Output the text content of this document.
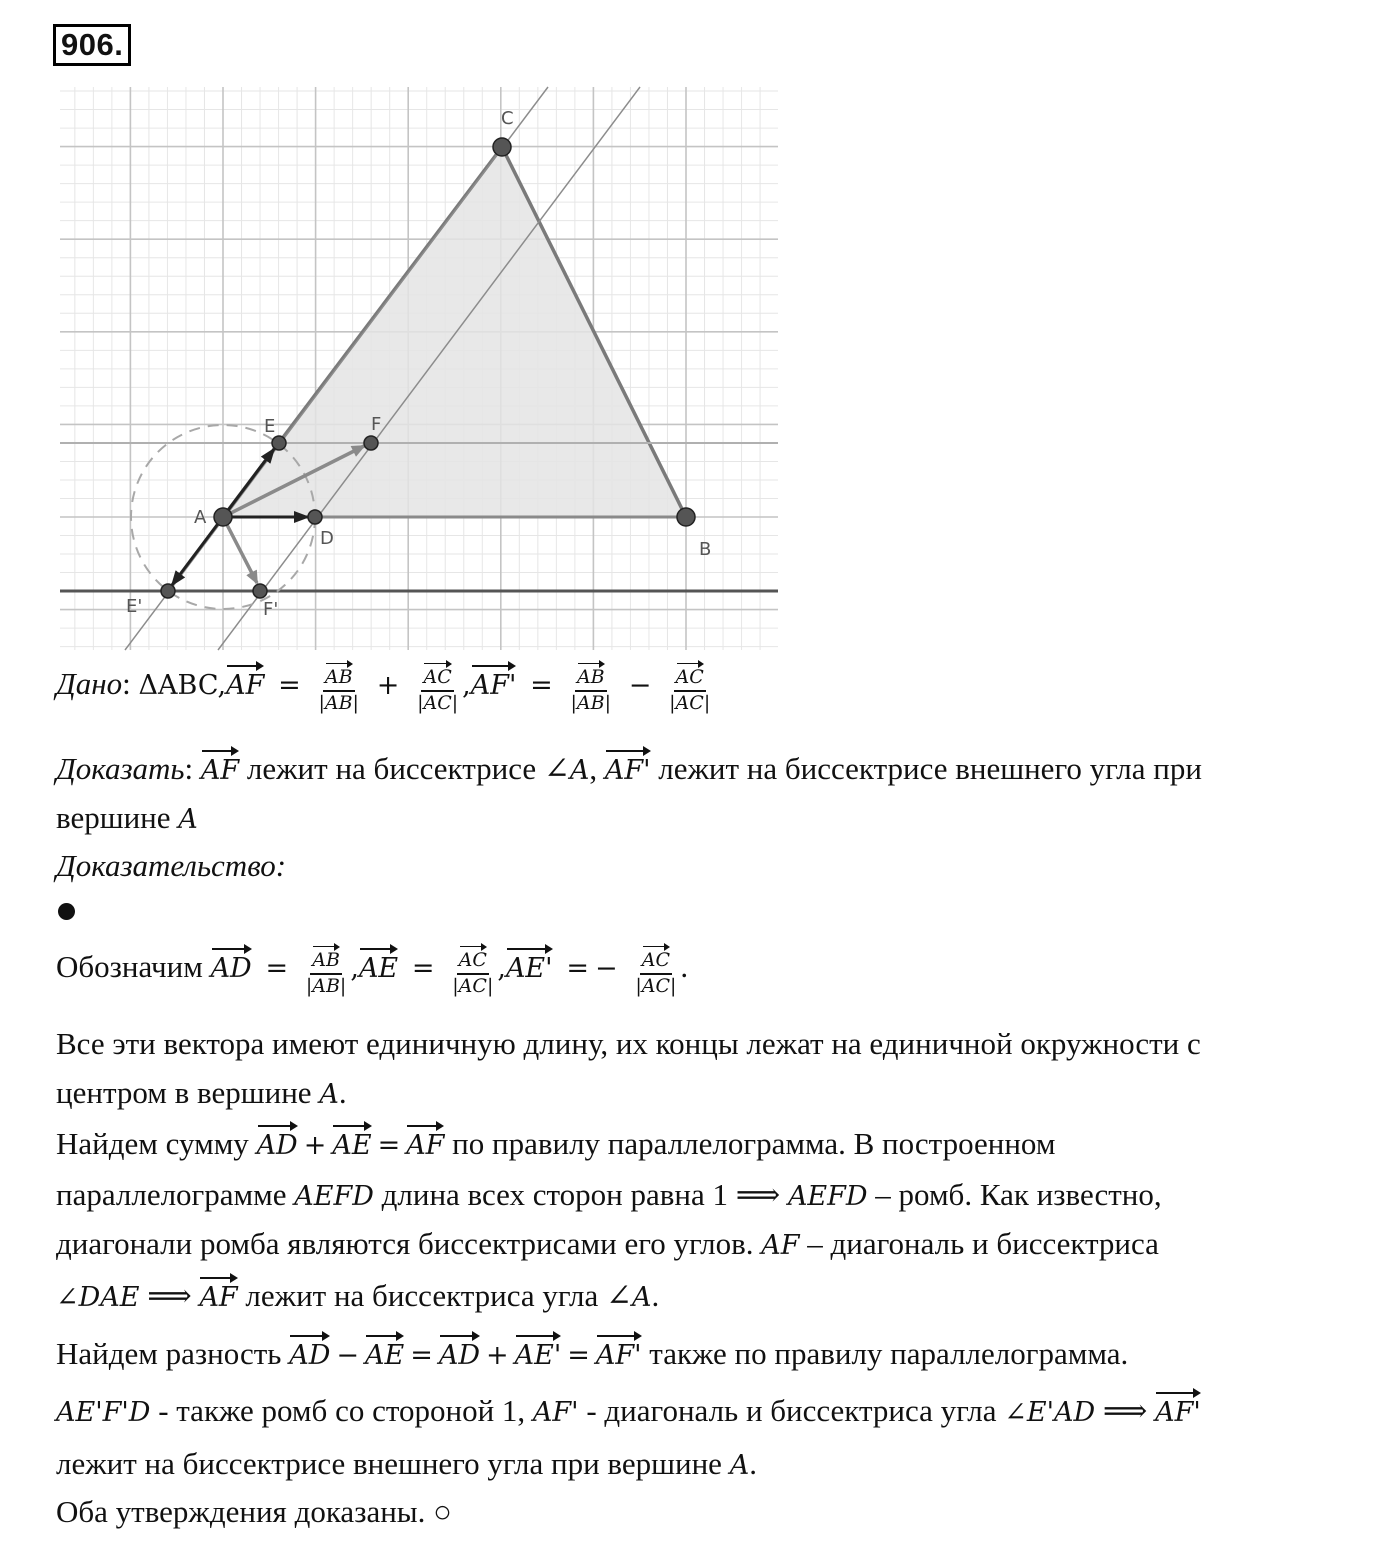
906.
A
B
C
D
E	F
E'	F'
Дано: $\Delta ABC,AF = \frac{AB}{|AB|} + \frac{AC}{|AC|} ,AF' = \frac{AB}{|AB|} - \frac{AC}{|AC|}$
Доказать: AF лежит на биссектрисе ∠A, AF' лежит на биссектрисе внешнего угла при
вершине A
Доказательство:
Обозначим AD = $\frac{AB}{|AB|} ,AE = \frac{AC}{|AC|} ,AE'$ = − $\frac{AC}{|AC|}$ .
Все эти вектора имеют единичную длину, их концы лежат на единичной окружности с
центром в вершине A.
Найдем сумму AD + AE = AF по правилу параллелограмма. В построенном
параллелограмме AEFD длина всех сторон равна 1 ⟹ AEFD – ромб. Как известно,
диагонали ромба являются биссектрисами его углов. AF – диагональ и биссектриса
∠DAE ⟹ AF лежит на биссектриса угла ∠A.
Найдем разность AD − AE = AD + AE' = AF' также по правилу параллелограмма.
AE'F'D - также ромб со стороной 1, AF' - диагональ и биссектриса угла ∠E'AD ⟹ AF'
лежит на биссектрисе внешнего угла при вершине A.
Оба утверждения доказаны. ○
